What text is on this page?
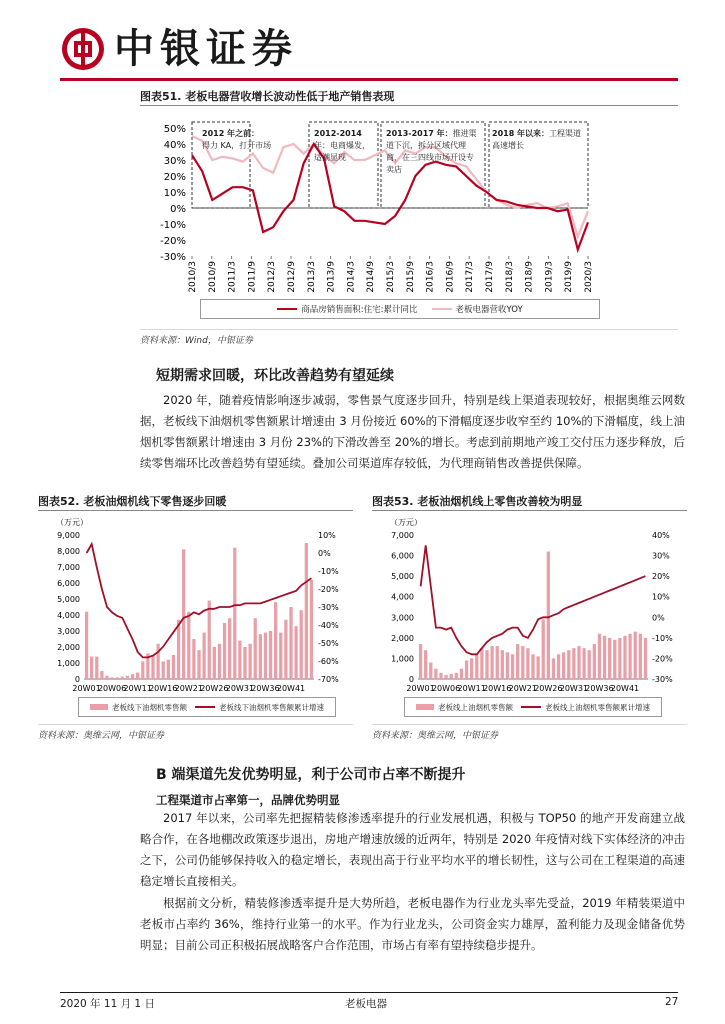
中银证券
图表51. 老板电器营收增长波动性低于地产销售表现
50%
40%
30%
20%
10%
0%
-10%
-20%
-30%
2010/3 2010/9 2011/3 2011/9 2012/3 2012/9 2013/3 2013/9 2014/3 2014/9 2015/3 2015/9 2016/3 2016/9 2017/3 2017/9 2018/3 2018/9 2019/3 2019/9 2020/3
2012 年之前：
得力 KA，打开市场
2012-2014
年：电商爆发，适潮显现
2013-2017 年：推进渠道下沉，拆分区域代理商，在三四线市场开设专卖店
2018 年以来：工程渠道高速增长
商品房销售面积:住宅:累计同比	老板电器营收YOY
资料来源：Wind，中银证券
短期需求回暖，环比改善趋势有望延续
2020 年，随着疫情影响逐步减弱，零售景气度逐步回升，特别是线上渠道表现较好，根据奥维云网数据，老板线下油烟机零售额累计增速由 3 月份接近 60%的下滑幅度逐步收窄至约 10%的下滑幅度，线上油烟机零售额累计增速由 3 月份 23%的下滑改善至 20%的增长。考虑到前期地产竣工交付压力逐步释放，后续零售端环比改善趋势有望延续。叠加公司渠道库存较低，为代理商销售改善提供保障。
图表52. 老板油烟机线下零售逐步回暖
（万元）
9,000
8,000
7,000
6,000
5,000
4,000
3,000
2,000
1,000
0
10%
0%
-10%
-20%
-30%
-40%
-50%
-60%
-70%
20W01
20W06
20W11
20W16
20W21
20W26
20W31
20W36
20W41
老板线下油烟机零售额	老板线下油烟机零售额累计增速
资料来源：奥维云网，中银证券
图表53. 老板油烟机线上零售改善较为明显
（万元）
7,000
6,000
5,000
4,000
3,000
2,000
1,000
0
40%
30%
20%
10%
0%
-10%
-20%
-30%
20W01
20W06
20W11
20W16
20W21
20W26
20W31
20W36
20W41
老板线上油烟机零售额	老板线上油烟机零售额累计增速
资料来源：奥维云网，中银证券
B 端渠道先发优势明显，利于公司市占率不断提升
工程渠道市占率第一，品牌优势明显
2017 年以来，公司率先把握精装修渗透率提升的行业发展机遇，积极与 TOP50 的地产开发商建立战略合作，在各地棚改政策逐步退出，房地产增速放缓的近两年，特别是 2020 年疫情对线下实体经济的冲击之下，公司仍能够保持收入的稳定增长，表现出高于行业平均水平的增长韧性，这与公司在工程渠道的高速稳定增长直接相关。
根据前文分析，精装修渗透率提升是大势所趋，老板电器作为行业龙头率先受益，2019 年精装渠道中老板市占率约 36%，维持行业第一的水平。作为行业龙头，公司资金实力雄厚，盈利能力及现金储备优势明显；目前公司正积极拓展战略客户合作范围，市场占有率有望持续稳步提升。
2020 年 11 月 1 日	老板电器	27
